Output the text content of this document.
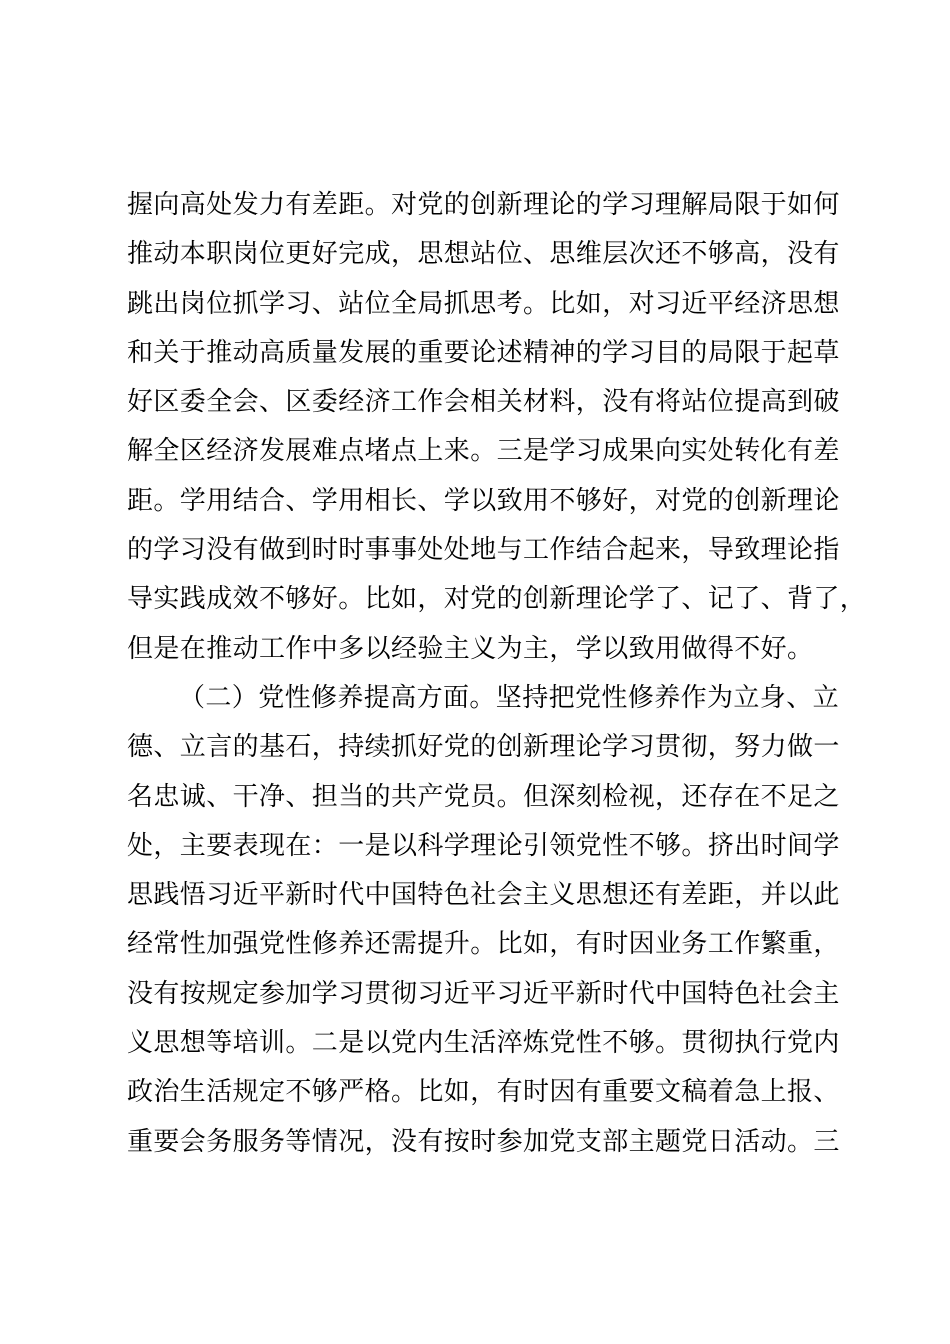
握向高处发力有差距。对党的创新理论的学习理解局限于如何
推动本职岗位更好完成，思想站位、思维层次还不够高，没有
跳出岗位抓学习、站位全局抓思考。比如，对习近平经济思想
和关于推动高质量发展的重要论述精神的学习目的局限于起草
好区委全会、区委经济工作会相关材料，没有将站位提高到破
解全区经济发展难点堵点上来。三是学习成果向实处转化有差
距。学用结合、学用相长、学以致用不够好，对党的创新理论
的学习没有做到时时事事处处地与工作结合起来，导致理论指
导实践成效不够好。比如，对党的创新理论学了、记了、背了，
但是在推动工作中多以经验主义为主，学以致用做得不好。
（二）党性修养提高方面。坚持把党性修养作为立身、立
德、立言的基石，持续抓好党的创新理论学习贯彻，努力做一
名忠诚、干净、担当的共产党员。但深刻检视，还存在不足之
处，主要表现在：一是以科学理论引领党性不够。挤出时间学
思践悟习近平新时代中国特色社会主义思想还有差距，并以此
经常性加强党性修养还需提升。比如，有时因业务工作繁重，
没有按规定参加学习贯彻习近平习近平新时代中国特色社会主
义思想等培训。二是以党内生活淬炼党性不够。贯彻执行党内
政治生活规定不够严格。比如，有时因有重要文稿着急上报、
重要会务服务等情况，没有按时参加党支部主题党日活动。三
